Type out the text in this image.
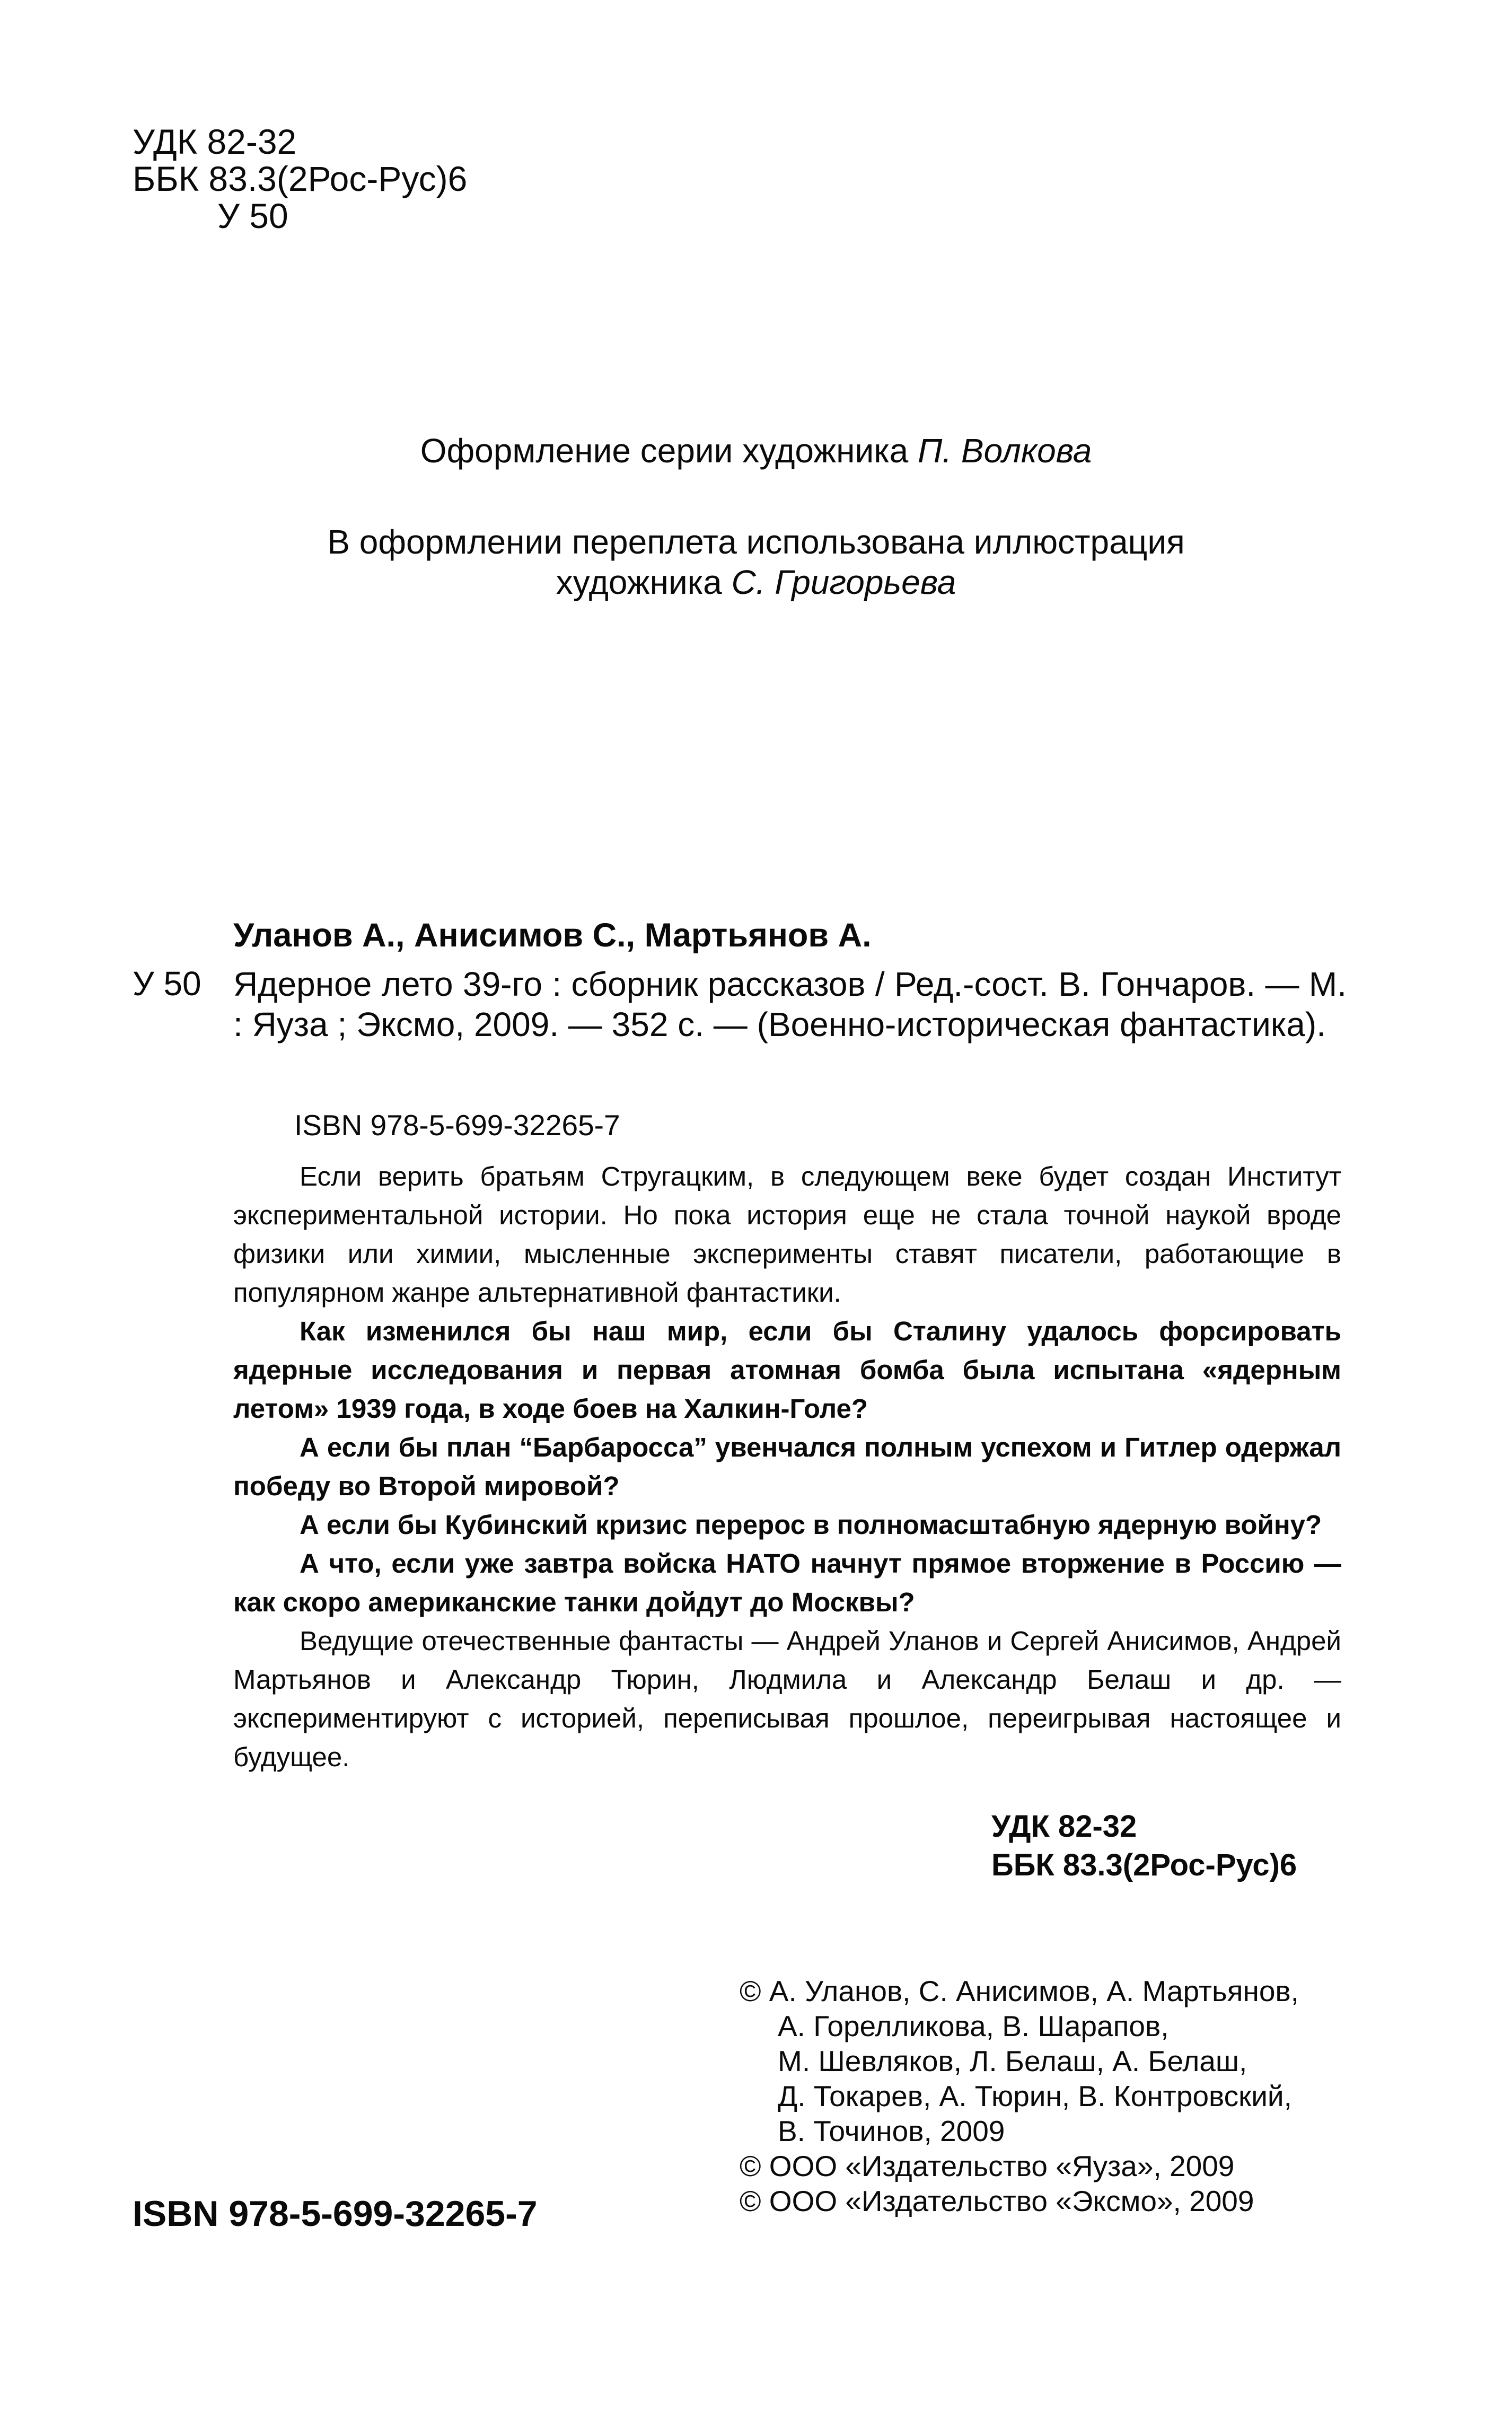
УДК 82-32
ББК 83.3(2Рос-Рус)6
У 50
Оформление серии художника П. Волкова
В оформлении переплета использована иллюстрация
художника С. Григорьева
Уланов А., Анисимов С., Мартьянов А.
У 50 Ядерное лето 39-го : сборник рассказов / Ред.-сост. В. Гончаров. — М. : Яуза ; Эксмо, 2009. — 352 с. — (Военно-историческая фантастика).
ISBN 978-5-699-32265-7

Если верить братьям Стругацким, в следующем веке будет создан Институт экспериментальной истории. Но пока история еще не стала точной наукой вроде физики или химии, мысленные эксперименты ставят писатели, работающие в популярном жанре альтернативной фантастики.

Как изменился бы наш мир, если бы Сталину удалось форсировать ядерные исследования и первая атомная бомба была испытана «ядерным летом» 1939 года, в ходе боев на Халкин-Голе?

А если бы план “Барбаросса” увенчался полным успехом и Гитлер одержал победу во Второй мировой?

А если бы Кубинский кризис перерос в полномасштабную ядерную войну?

А что, если уже завтра войска НАТО начнут прямое вторжение в Россию — как скоро американские танки дойдут до Москвы?

Ведущие отечественные фантасты — Андрей Уланов и Сергей Анисимов, Андрей Мартьянов и Александр Тюрин, Людмила и Александр Белаш и др. — экспериментируют с историей, переписывая прошлое, переигрывая настоящее и будущее.

УДК 82-32
ББК 83.3(2Рос-Рус)6
© А. Уланов, С. Анисимов, А. Мартьянов,
А. Горелликова, В. Шарапов,
М. Шевляков, Л. Белаш, А. Белаш,
Д. Токарев, А. Тюрин, В. Контровский,
В. Точинов, 2009
© ООО «Издательство «Яуза», 2009
© ООО «Издательство «Эксмо», 2009
ISBN 978-5-699-32265-7
